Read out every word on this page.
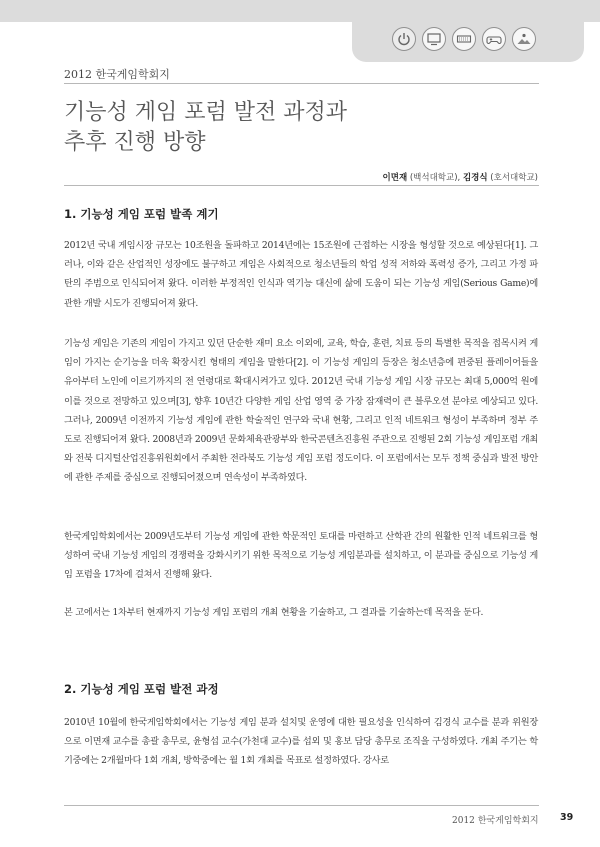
2012 한국게임학회지
기능성 게임 포럼 발전 과정과
추후 진행 방향
이면재 (백석대학교), 김경식 (호서대학교)
1. 기능성 게임 포럼 발족 계기

2012년 국내 게임시장 규모는 10조원을 돌파하고 2014년에는 15조원에 근접하는 시장을 형성할 것으로 예상된다[1]. 그러나, 이와 같은 산업적인 성장에도 불구하고 게임은 사회적으로 청소년들의 학업 성적 저하와 폭력성 증가, 그리고 가정 파탄의 주범으로 인식되어져 왔다. 이러한 부정적인 인식과 역기능 대신에 삶에 도움이 되는 기능성 게임(Serious Game)에 관한 개발 시도가 진행되어져 왔다.

기능성 게임은 기존의 게임이 가지고 있던 단순한 재미 요소 이외에, 교육, 학습, 훈련, 치료 등의 특별한 목적을 접목시켜 게임이 가지는 순기능을 더욱 확장시킨 형태의 게임을 말한다[2]. 이 기능성 게임의 등장은 청소년층에 편중된 플레이어들을 유아부터 노인에 이르기까지의 전 연령대로 확대시켜가고 있다. 2012년 국내 기능성 게임 시장 규모는 최대 5,000억 원에 이를 것으로 전망하고 있으며[3], 향후 10년간 다양한 게임 산업 영역 중 가장 잠재력이 큰 블루오션 분야로 예상되고 있다. 그러나, 2009년 이전까지 기능성 게임에 관한 학술적인 연구와 국내 현황, 그리고 인적 네트워크 형성이 부족하며 정부 주도로 진행되어져 왔다. 2008년과 2009년 문화체육관광부와 한국콘텐츠진흥원 주관으로 진행된 2회 기능성 게임포럼 개최와 전북 디지털산업진흥위원회에서 주최한 전라북도 기능성 게임 포럼 정도이다. 이 포럼에서는 모두 정책 중심과 발전 방안에 관한 주제를 중심으로 진행되어졌으며 연속성이 부족하였다.

한국게임학회에서는 2009년도부터 기능성 게임에 관한 학문적인 토대를 마련하고 산학관 간의 원활한 인적 네트워크를 형성하여 국내 기능성 게임의 경쟁력을 강화시키기 위한 목적으로 기능성 게임분과를 설치하고, 이 분과를 중심으로 기능성 게임 포럼을 17차에 걸쳐서 진행해 왔다.

본 고에서는 1차부터 현재까지 기능성 게임 포럼의 개최 현황을 기술하고, 그 결과를 기술하는데 목적을 둔다.

2. 기능성 게임 포럼 발전 과정

2010년 10월에 한국게임학회에서는 기능성 게임 분과 설치및 운영에 대한 필요성을 인식하여 김경식 교수를 분과 위원장으로 이면재 교수를 총괄 총무로, 윤형섭 교수(가천대 교수)를 섭외 및 홍보 담당 총무로 조직을 구성하였다. 개최 주기는 학기중에는 2개월마다 1회 개최, 방학중에는 월 1회 개최를 목표로 설정하였다. 강사로

2012 한국게임학회지 39
